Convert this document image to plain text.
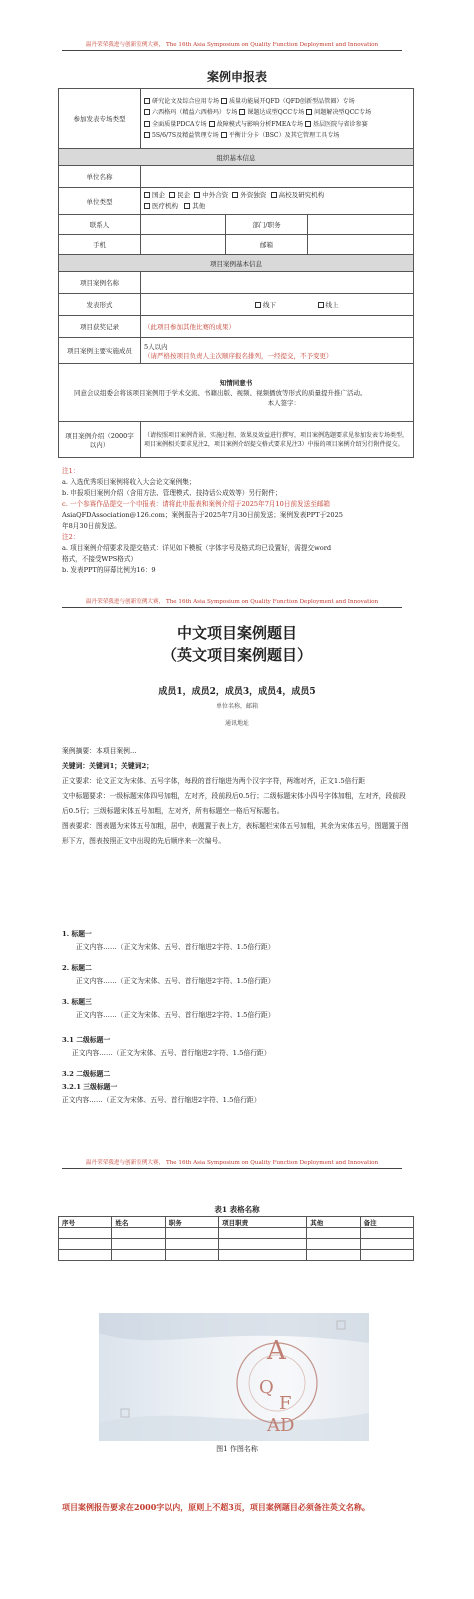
温丹荣荣我进与创新室例大赛， The 16th Asia Symposium on Quality Function Deployment and Innovation
案例申报表
参加发表专场类型	研究论文及综合应用专场 质量功能展开QFD（QFD创新型品管圈）专场
六西格玛（精益六西格玛）专场 课题达成型QCC专场 问题解决型QCC专场
全面质量PDCA专场 故障模式与影响分析FMEA专场 基层医院与省诊参赛
5S/6/7S及精益管理专场 平衡计分卡（BSC）及其它管理工具专场		
组织基本信息			
单位名称			
单位类型	国企 民企 中外合资 外资独资 高校及研究机构
医疗机构 其他		
联系人		部门/职务	
手机		邮箱	
项目案例基本信息			
项目案例名称			
发表形式	线下 线上		
项目获奖记录	（此项目参加其他比赛的成果）		
项目案例主要实施成员	5人以内
（请严格按项目负责人主次顺序报名排列，一经提交，不予变更）		

知情同意书
同意会议组委会将该项目案例用于学术交流、书籍出版、视频、视频播放等形式的质量提升推广活动。
本人签字：			

项目案例介绍（2000字以内）	（请按照项目案例背景、实施过程、效果及效益进行撰写，项目案例选题要求见参加发表专场类型，项目案例相关要求见注2，项目案例介绍提交格式要求见注3）中报的项目案例介绍另行附件提交。		
注1：
a. 入选优秀项目案例将收入大会论文案例集；
b. 申报项目案例介绍（含用方法、管理模式、技持话公成效等）另行附件；
c. 一个参赛作品提交一个申报表：请将此申报表和案例介绍于2025年7月10日前发送至邮箱
AsiaQFDAssociation@126.com；案例报告于2025年7月30日前发送；案例发表PPT于2025
年8月30日前发送。
注2：
a. 项目案例介绍要求及提交格式：详见如下模板（字体字号及格式均已设置好，需提交word
格式，不接受WPS格式）
b. 发表PPT的屏幕比例为16：9
温丹荣荣我进与创新室例大赛， The 16th Asia Symposium on Quality Function Deployment and Innovation
中文项目案例题目
（英文项目案例题目）
成员1，成员2，成员3，成员4，成员5
单位名称，邮箱
通讯地址
案例摘要：本项目案例...
关键词：关键词1；关键词2；
正文要求：论文正文为宋体、五号字体，每段的首行缩进为两个汉字字符，两端对齐，正文1.5倍行距
文中标题要求：一级标题宋体四号加粗，左对齐，段前段后0.5行；二级标题宋体小四号字体加粗，左对齐，段前段后0.5行；三级标题宋体五号加粗，左对齐，所有标题空一格后写标题名。
图表要求：图表题为宋体五号加粗，居中，表题置于表上方，表标题栏宋体五号加粗，其余为宋体五号，图题置于图形下方，图表按照正文中出现的先后顺序来一次编号。
1. 标题一
正文内容……（正文为宋体、五号、首行缩进2字符、1.5倍行距）
2. 标题二
正文内容……（正文为宋体、五号、首行缩进2字符、1.5倍行距）
3. 标题三
正文内容……（正文为宋体、五号、首行缩进2字符、1.5倍行距）
3.1 二级标题一
正文内容……（正文为宋体、五号、首行缩进2字符、1.5倍行距）
3.2 二级标题二
3.2.1 三级标题一
正文内容……（正文为宋体、五号、首行缩进2字符、1.5倍行距）
温丹荣荣我进与创新室例大赛， The 16th Asia Symposium on Quality Function Deployment and Innovation
表1 表格名称
序号	姓名	职务	项目职责	其他	备注

A
Q
F
AD
图1 作图名称
项目案例报告要求在2000字以内，原则上不超3页，项目案例题目必须备注英文名称。
